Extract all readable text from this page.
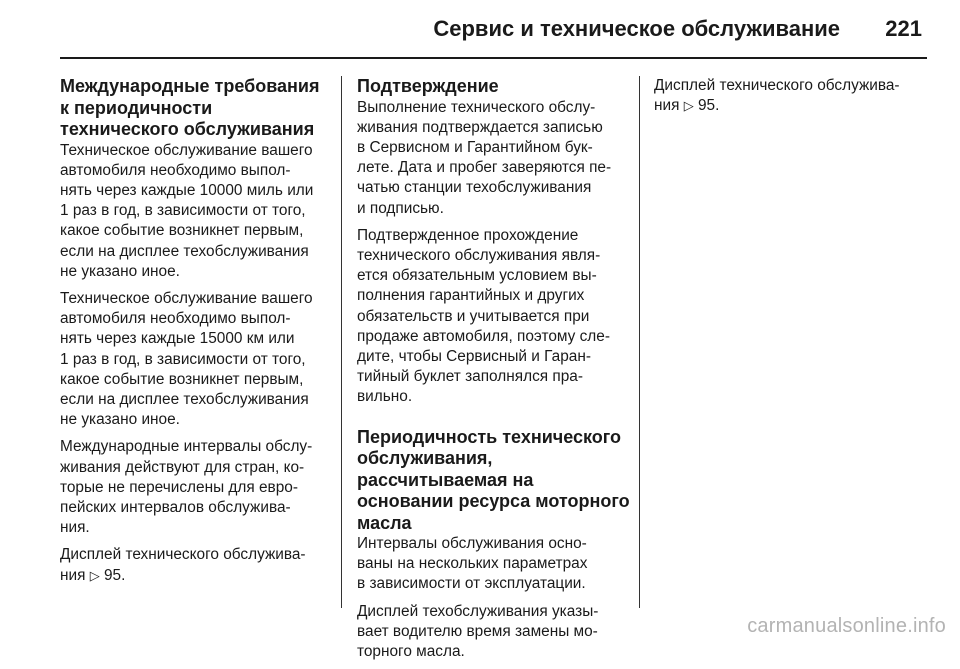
Сервис и техническое обслуживание 221
Международные требования
к периодичности
технического обслуживания
Техническое обслуживание вашего
автомобиля необходимо выпол-
нять через каждые 10000 миль или
1 раз в год, в зависимости от того,
какое событие возникнет первым,
если на дисплее техобслуживания
не указано иное.
Техническое обслуживание вашего
автомобиля необходимо выпол-
нять через каждые 15000 км или
1 раз в год, в зависимости от того,
какое событие возникнет первым,
если на дисплее техобслуживания
не указано иное.
Международные интервалы обслу-
живания действуют для стран, ко-
торые не перечислены для евро-
пейских интервалов обслужива-
ния.
Дисплей технического обслужива-
ния ▷ 95.
Подтверждение
Выполнение технического обслу-
живания подтверждается записью
в Сервисном и Гарантийном бук-
лете. Дата и пробег заверяются пе-
чатью станции техобслуживания
и подписью.
Подтвержденное прохождение
технического обслуживания явля-
ется обязательным условием вы-
полнения гарантийных и других
обязательств и учитывается при
продаже автомобиля, поэтому сле-
дите, чтобы Сервисный и Гаран-
тийный буклет заполнялся пра-
вильно.
Периодичность технического
обслуживания,
рассчитываемая на
основании ресурса моторного
масла
Интервалы обслуживания осно-
ваны на нескольких параметрах
в зависимости от эксплуатации.
Дисплей техобслуживания указы-
вает водителю время замены мо-
торного масла.
Дисплей технического обслужива-
ния ▷ 95.
carmanualsonline.info
